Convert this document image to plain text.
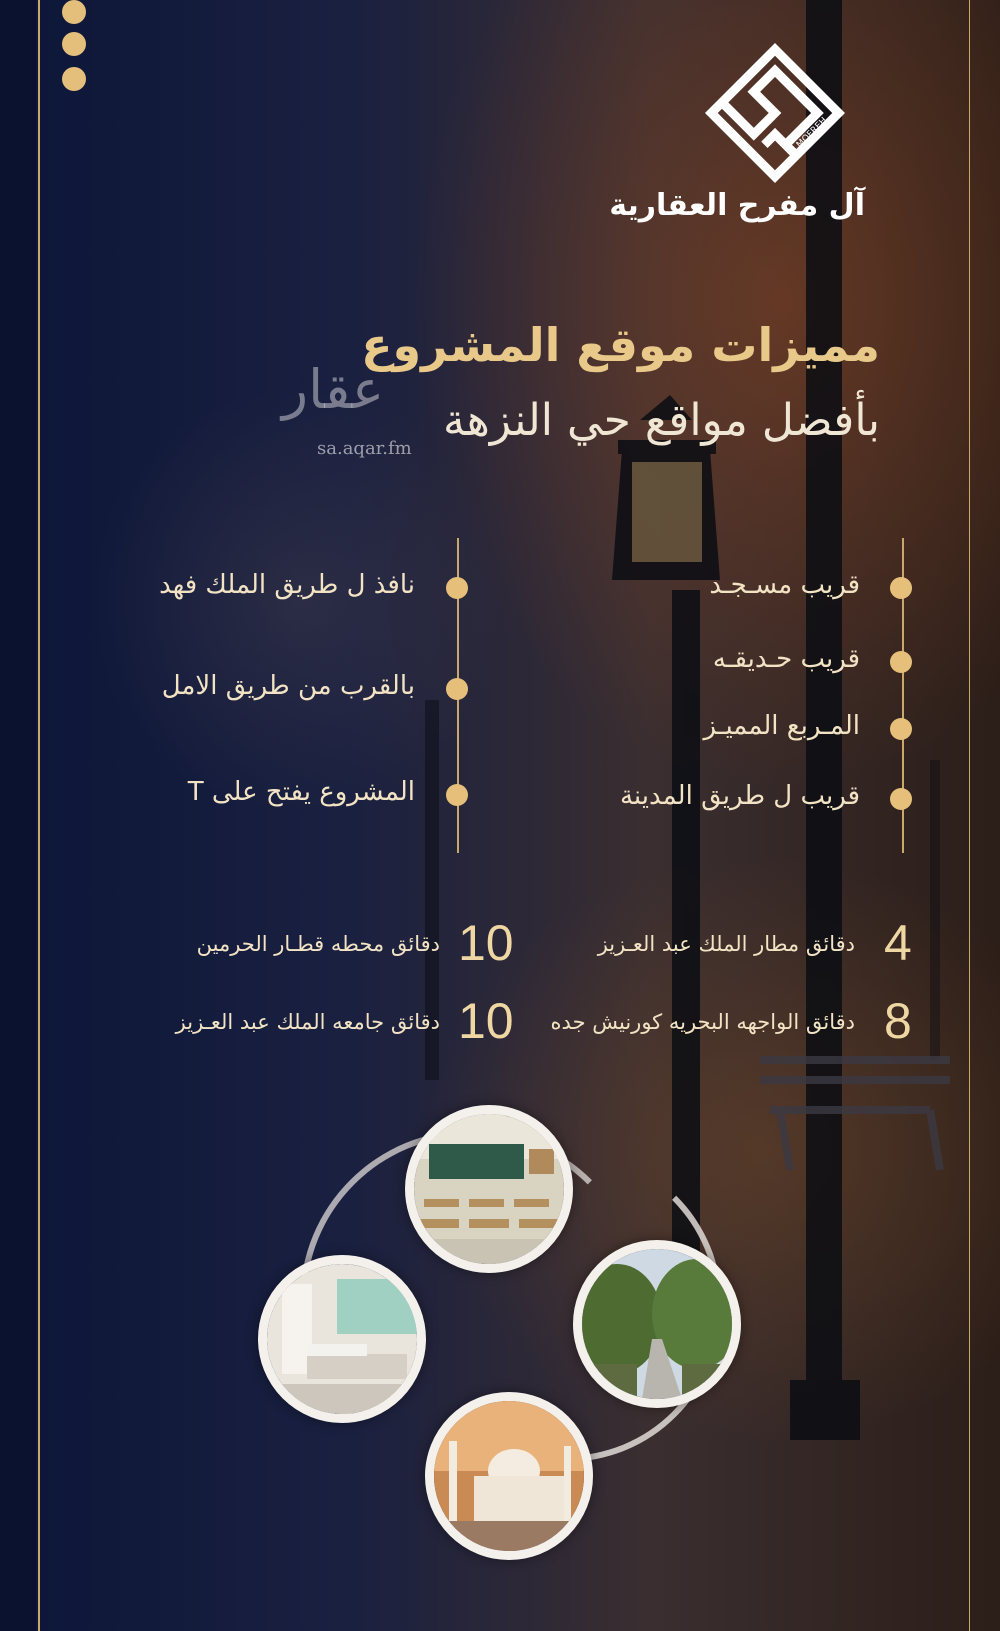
ALMOFREH
آل مفرح العقارية
مميزات موقع المشروع
بأفضل مواقع حي النزهة
عقار
sa.aqar.fm
قريب مسـجـد
قريب حـديقـه
المـربع المميـز
قريب ل طريق المدينة
نافذ ل طريق الملك فهد
بالقرب من طريق الامل
المشروع يفتح على T
4
دقائق مطار الملك عبد العـزيز
10
دقائق محطه قطـار الحرمين
8
دقائق الواجهه البحريه كورنيش جده
10
دقائق جامعه الملك عبد العـزيز
